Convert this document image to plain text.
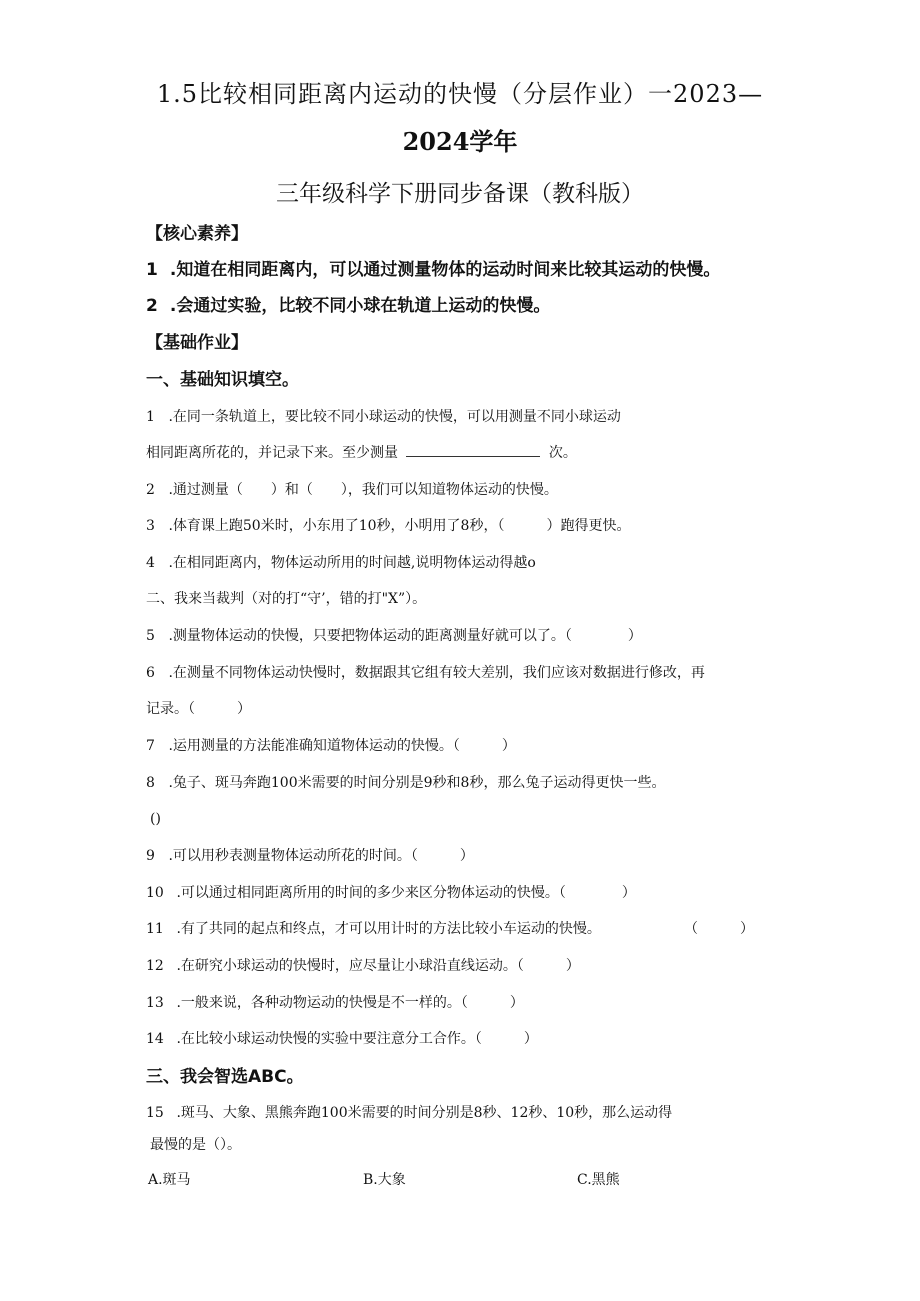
1.5比较相同距离内运动的快慢（分层作业）一2023—
2024学年
三年级科学下册同步备课（教科版）
【核心素养】
1 .知道在相同距离内，可以通过测量物体的运动时间来比较其运动的快慢。
2 .会通过实验，比较不同小球在轨道上运动的快慢。
【基础作业】
一、基础知识填空。
1 .在同一条轨道上，要比较不同小球运动的快慢，可以用测量不同小球运动
相同距离所花的，并记录下来。至少测量	次。
2 .通过测量（　　）和（　　），我们可以知道物体运动的快慢。
3 .体育课上跑50米时，小东用了10秒，小明用了8秒，（　　　）跑得更快。
4 .在相同距离内，物体运动所用的时间越,说明物体运动得越o
二、我来当裁判（对的打“守’，错的打"X”）。
5 .测量物体运动的快慢，只要把物体运动的距离测量好就可以了。（　　　　）
6 .在测量不同物体运动快慢时，数据跟其它组有较大差别，我们应该对数据进行修改，再
记录。（　　　）
7 .运用测量的方法能准确知道物体运动的快慢。（　　　）
8 .兔子、斑马奔跑100米需要的时间分别是9秒和8秒，那么兔子运动得更快一些。
()
9 .可以用秒表测量物体运动所花的时间。（　　　）
10 .可以通过相同距离所用的时间的多少来区分物体运动的快慢。（　　　　）
11 .有了共同的起点和终点，才可以用计时的方法比较小车运动的快慢。	（　　　）
12 .在研究小球运动的快慢时，应尽量让小球沿直线运动。（　　　）
13 .一般来说，各种动物运动的快慢是不一样的。（　　　）
14 .在比较小球运动快慢的实验中要注意分工合作。（　　　）
三、我会智选ABC。
15 .斑马、大象、黑熊奔跑100米需要的时间分别是8秒、12秒、10秒，那么运动得
最慢的是（）。
A.斑马	B.大象	C.黑熊
